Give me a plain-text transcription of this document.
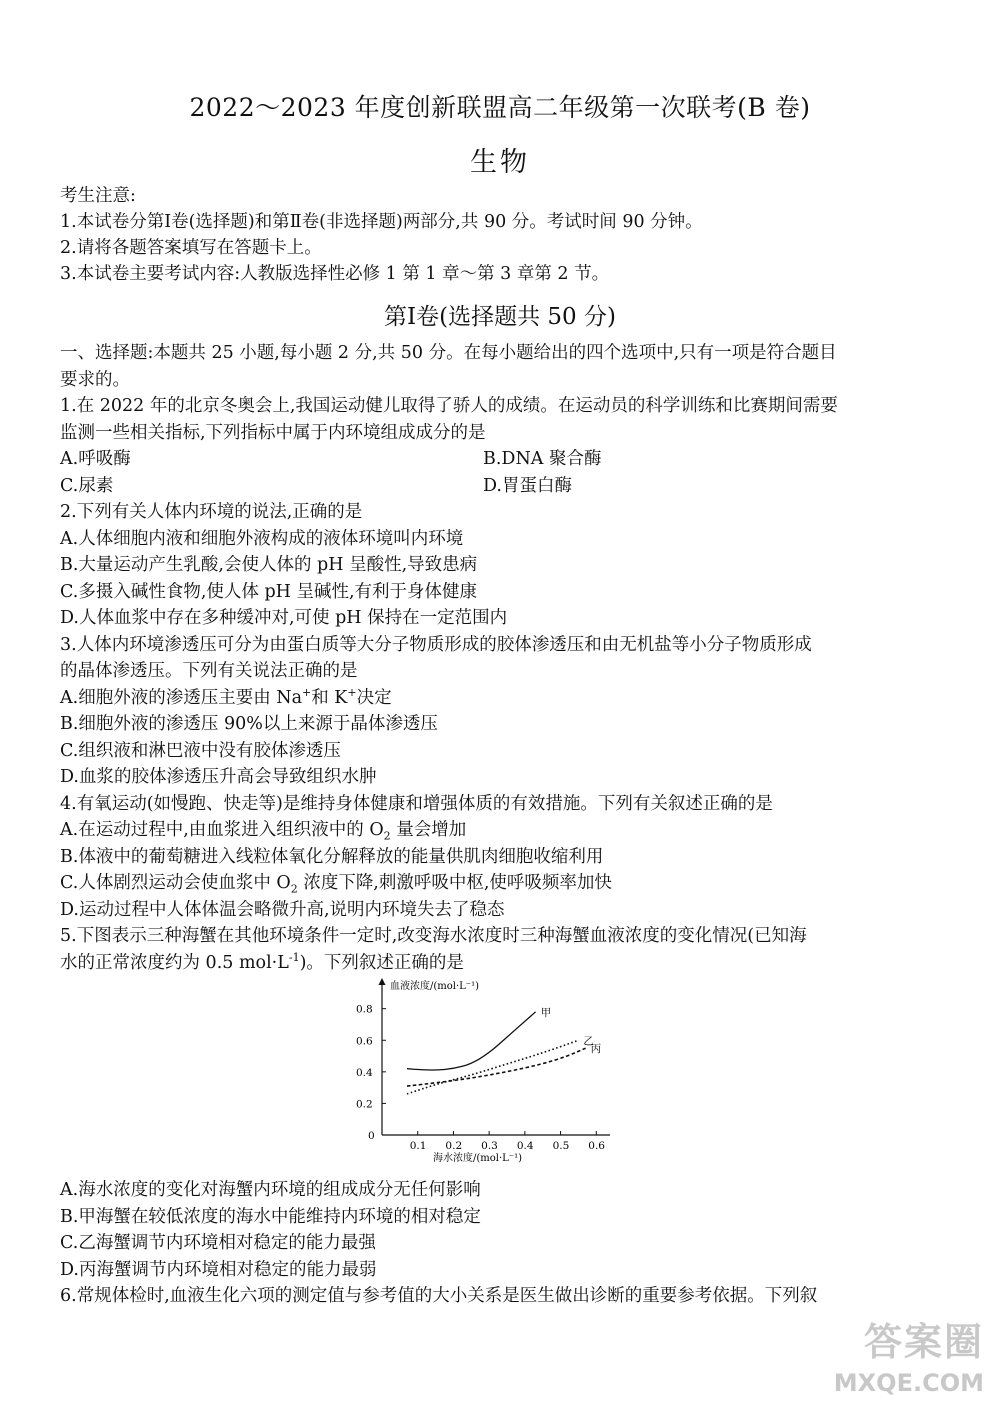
2022～2023 年度创新联盟高二年级第一次联考(B 卷)
生物
考生注意:
1.本试卷分第Ⅰ卷(选择题)和第Ⅱ卷(非选择题)两部分,共 90 分。考试时间 90 分钟。
2.请将各题答案填写在答题卡上。
3.本试卷主要考试内容:人教版选择性必修 1 第 1 章～第 3 章第 2 节。
第Ⅰ卷(选择题共 50 分)
一、选择题:本题共 25 小题,每小题 2 分,共 50 分。在每小题给出的四个选项中,只有一项是符合题目
要求的。
1.在 2022 年的北京冬奥会上,我国运动健儿取得了骄人的成绩。在运动员的科学训练和比赛期间需要
监测一些相关指标,下列指标中属于内环境组成成分的是
A.呼吸酶	B.DNA 聚合酶
C.尿素	D.胃蛋白酶
2.下列有关人体内环境的说法,正确的是
A.人体细胞内液和细胞外液构成的液体环境叫内环境
B.大量运动产生乳酸,会使人体的 pH 呈酸性,导致患病
C.多摄入碱性食物,使人体 pH 呈碱性,有利于身体健康
D.人体血浆中存在多种缓冲对,可使 pH 保持在一定范围内
3.人体内环境渗透压可分为由蛋白质等大分子物质形成的胶体渗透压和由无机盐等小分子物质形成
的晶体渗透压。下列有关说法正确的是
A.细胞外液的渗透压主要由 Na+和 K+决定
B.细胞外液的渗透压 90%以上来源于晶体渗透压
C.组织液和淋巴液中没有胶体渗透压
D.血浆的胶体渗透压升高会导致组织水肿
4.有氧运动(如慢跑、快走等)是维持身体健康和增强体质的有效措施。下列有关叙述正确的是
A.在运动过程中,由血浆进入组织液中的 $O_2$ 量会增加
B.体液中的葡萄糖进入线粒体氧化分解释放的能量供肌肉细胞收缩利用
C.人体剧烈运动会使血浆中 $O_2$ 浓度下降,刺激呼吸中枢,使呼吸频率加快
D.运动过程中人体体温会略微升高,说明内环境失去了稳态
5.下图表示三种海蟹在其他环境条件一定时,改变海水浓度时三种海蟹血液浓度的变化情况(已知海
水的正常浓度约为 0.5 $mol\cdot L^{-1}$)。下列叙述正确的是
血液浓度/(mol·L⁻¹)
海水浓度/(mol·L⁻¹)
0
0.1 0.2 0.3 0.4 0.5 0.6
0.2
0.4
0.6
0.8	甲
乙
丙
A.海水浓度的变化对海蟹内环境的组成成分无任何影响
B.甲海蟹在较低浓度的海水中能维持内环境的相对稳定
C.乙海蟹调节内环境相对稳定的能力最强
D.丙海蟹调节内环境相对稳定的能力最弱
6.常规体检时,血液生化六项的测定值与参考值的大小关系是医生做出诊断的重要参考依据。下列叙
答案圈
MXQE.COM
